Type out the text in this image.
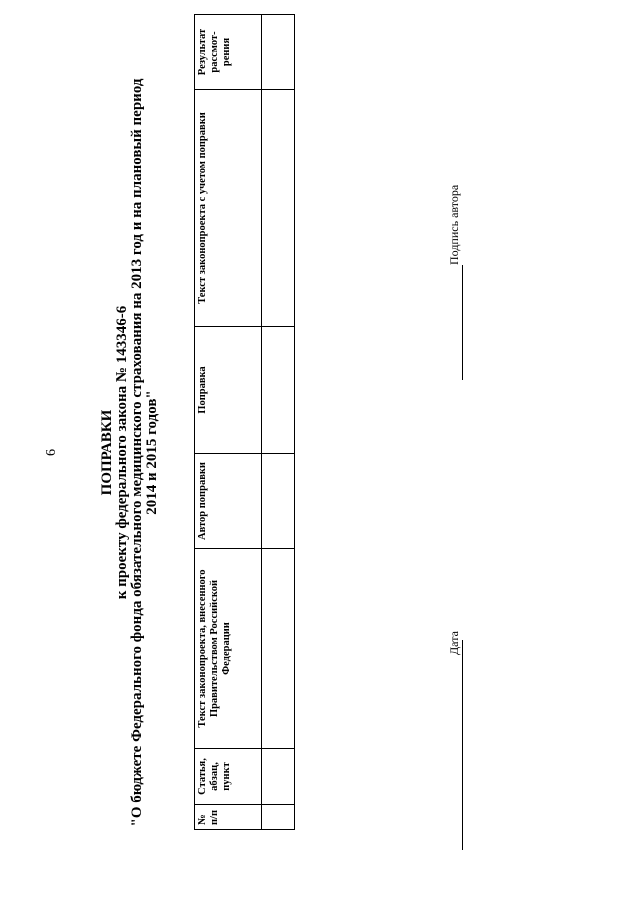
6	ПОПРАВКИ к проекту федерального закона № 143346-6 "О бюджете Федерального фонда обязательного медицинского страхования на 2013 год и на плановый период 2014 и 2015 годов"
№ п/п	Статья, абзац, пункт	Текст законопроекта, внесенного Правительством Российской Федерации	Автор поправки	Поправка	Текст законопроекта с учетом поправки	Результат рассмот-рения

Дата
Подпись автора
